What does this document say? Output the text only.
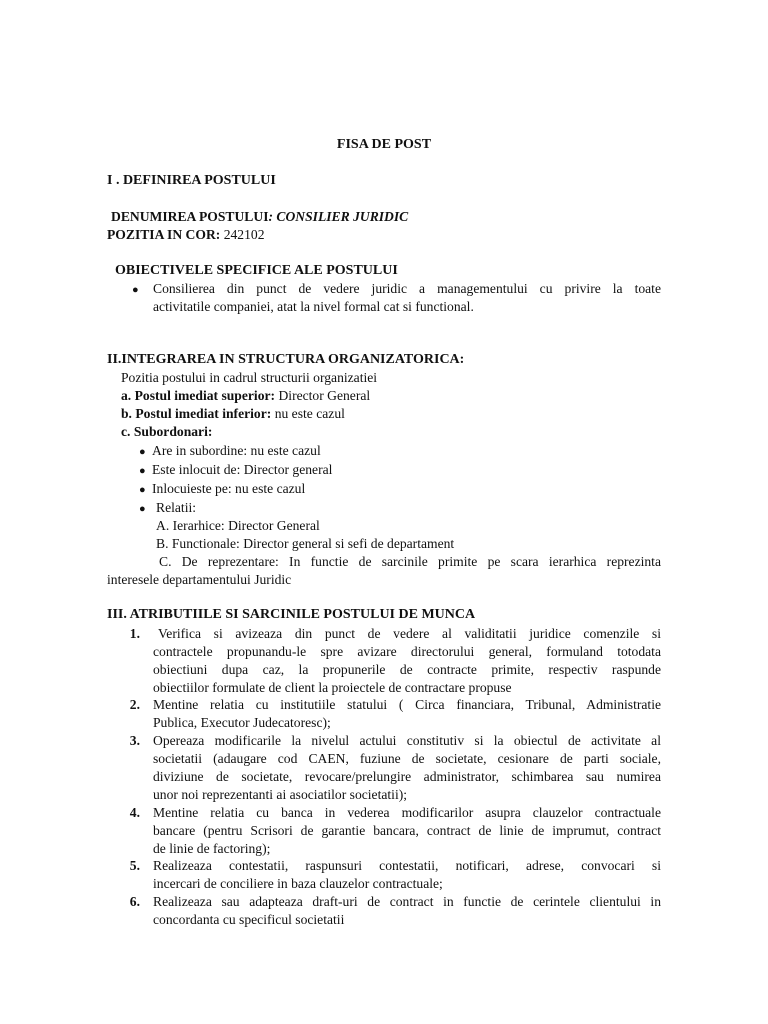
FISA DE POST
I . DEFINIREA POSTULUI
DENUMIREA POSTULUI: CONSILIER JURIDIC
POZITIA IN COR: 242102
OBIECTIVELE SPECIFICE ALE POSTULUI
● Consilierea din punct de vedere juridic a managementului cu privire la toate
activitatile companiei, atat la nivel formal cat si functional.
II.INTEGRAREA IN STRUCTURA ORGANIZATORICA:
Pozitia postului in cadrul structurii organizatiei
a. Postul imediat superior: Director General
b. Postul imediat inferior: nu este cazul
c. Subordonari:
● Are in subordine: nu este cazul
● Este inlocuit de: Director general
● Inlocuieste pe: nu este cazul
● Relatii:
A. Ierarhice: Director General
B. Functionale: Director general si sefi de departament
C. De reprezentare: In functie de sarcinile primite pe scara ierarhica reprezinta
interesele departamentului Juridic
III. ATRIBUTIILE SI SARCINILE POSTULUI DE MUNCA
1. Verifica si avizeaza din punct de vedere al validitatii juridice comenzile si
contractele propunandu-le spre avizare directorului general, formuland totodata
obiectiuni dupa caz, la propunerile de contracte primite, respectiv raspunde
obiectiilor formulate de client la proiectele de contractare propuse
2. Mentine relatia cu institutiile statului ( Circa financiara, Tribunal, Administratie
Publica, Executor Judecatoresc);
3. Opereaza modificarile la nivelul actului constitutiv si la obiectul de activitate al
societatii (adaugare cod CAEN, fuziune de societate, cesionare de parti sociale,
diviziune de societate, revocare/prelungire administrator, schimbarea sau numirea
unor noi reprezentanti ai asociatilor societatii);
4. Mentine relatia cu banca in vederea modificarilor asupra clauzelor contractuale
bancare (pentru Scrisori de garantie bancara, contract de linie de imprumut, contract
de linie de factoring);
5. Realizeaza contestatii, raspunsuri contestatii, notificari, adrese, convocari si
incercari de conciliere in baza clauzelor contractuale;
6. Realizeaza sau adapteaza draft-uri de contract in functie de cerintele clientului in
concordanta cu specificul societatii
